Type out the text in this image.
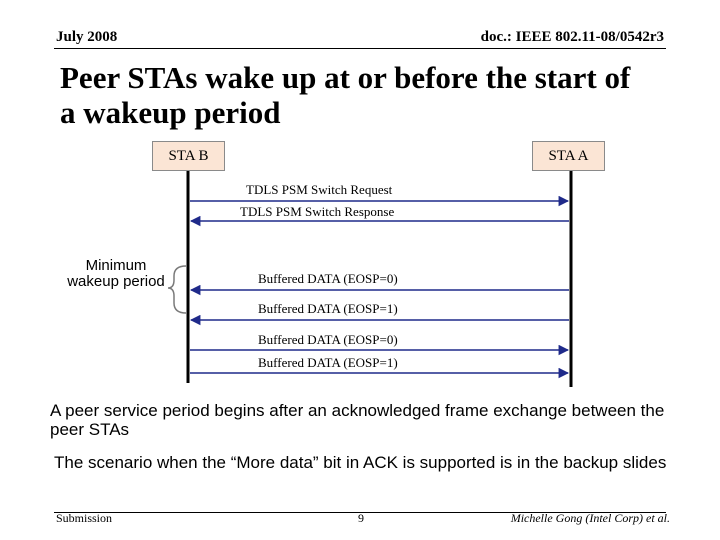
July 2008	doc.: IEEE 802.11-08/0542r3
Peer STAs wake up at or before the start of
a wakeup period
STA B	STA A
TDLS PSM Switch Request
TDLS PSM Switch Response
Buffered DATA (EOSP=0)
Buffered DATA (EOSP=1)
Buffered DATA (EOSP=0)
Buffered DATA (EOSP=1)
Minimum wakeup period
A peer service period begins after an acknowledged frame exchange between the peer STAs
The scenario when the “More data” bit in ACK is supported is in the backup slides
Submission	9	Michelle Gong (Intel Corp) et al.
